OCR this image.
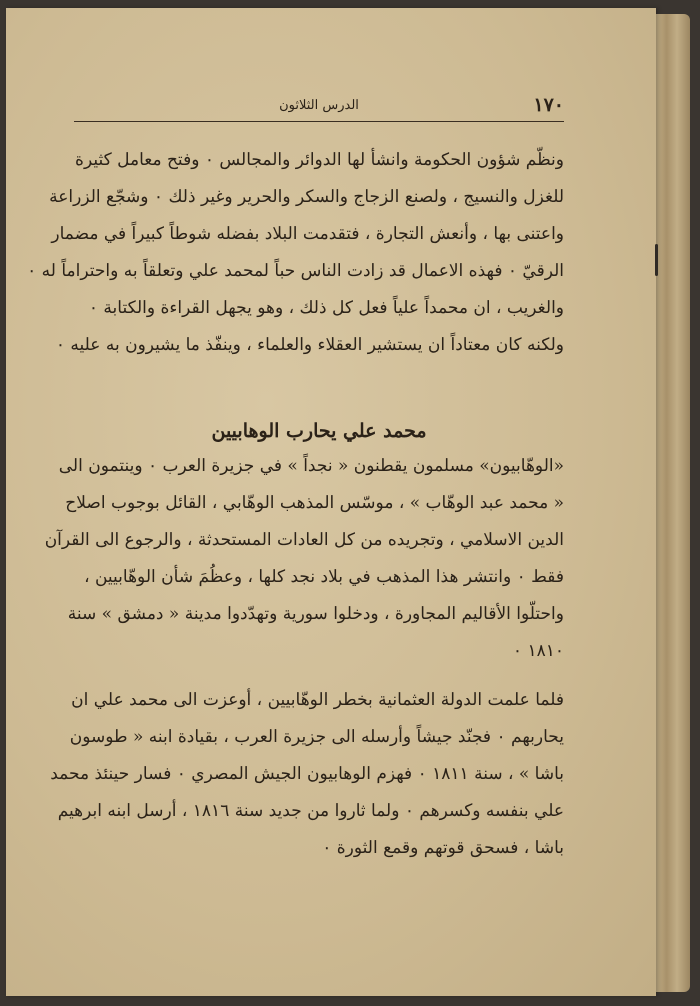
١٧٠
الدرس الثلاثون
ونظّم شؤون الحكومة وانشأ لها الدوائر والمجالس ٠ وفتح معامل كثيرة
للغزل والنسيج ، ولصنع الزجاج والسكر والحرير وغير ذلك ٠ وشجّع الزراعة
واعتنى بها ، وأنعش التجارة ، فتقدمت البلاد بفضله شوطاً كبيراً في مضمار
الرقيّ ٠ فهذه الاعمال قد زادت الناس حباً لمحمد علي وتعلقاً به واحتراماً له ٠
والغريب ، ان محمداً علياً فعل كل ذلك ، وهو يجهل القراءة والكتابة ٠
ولكنه كان معتاداً ان يستشير العقلاء والعلماء ، وينفّذ ما يشيرون به عليه ٠
محمد علي يحارب الوهابيين
«الوهّابيون» مسلمون يقطنون « نجداً » في جزيرة العرب ٠ وينتمون الى
« محمد عبد الوهّاب » ، موسّس المذهب الوهّابي ، القائل بوجوب اصلاح
الدين الاسلامي ، وتجريده من كل العادات المستحدثة ، والرجوع الى القرآن
فقط ٠ وانتشر هذا المذهب في بلاد نجد كلها ، وعظُمَ شأن الوهّابيين ،
واحتلّوا الأقاليم المجاورة ، ودخلوا سورية وتهدّدوا مدينة « دمشق » سنة
١٨١٠ ٠
فلما علمت الدولة العثمانية بخطر الوهّابيين ، أوعزت الى محمد علي ان
يحاربهم ٠ فجنّد جيشاً وأرسله الى جزيرة العرب ، بقيادة ابنه « طوسون
باشا » ، سنة ١٨١١ ٠ فهزم الوهابيون الجيش المصري ٠ فسار حينئذ محمد
علي بنفسه وكسرهم ٠ ولما ثاروا من جديد سنة ١٨١٦ ، أرسل ابنه ابرهيم
باشا ، فسحق قوتهم وقمع الثورة ٠
